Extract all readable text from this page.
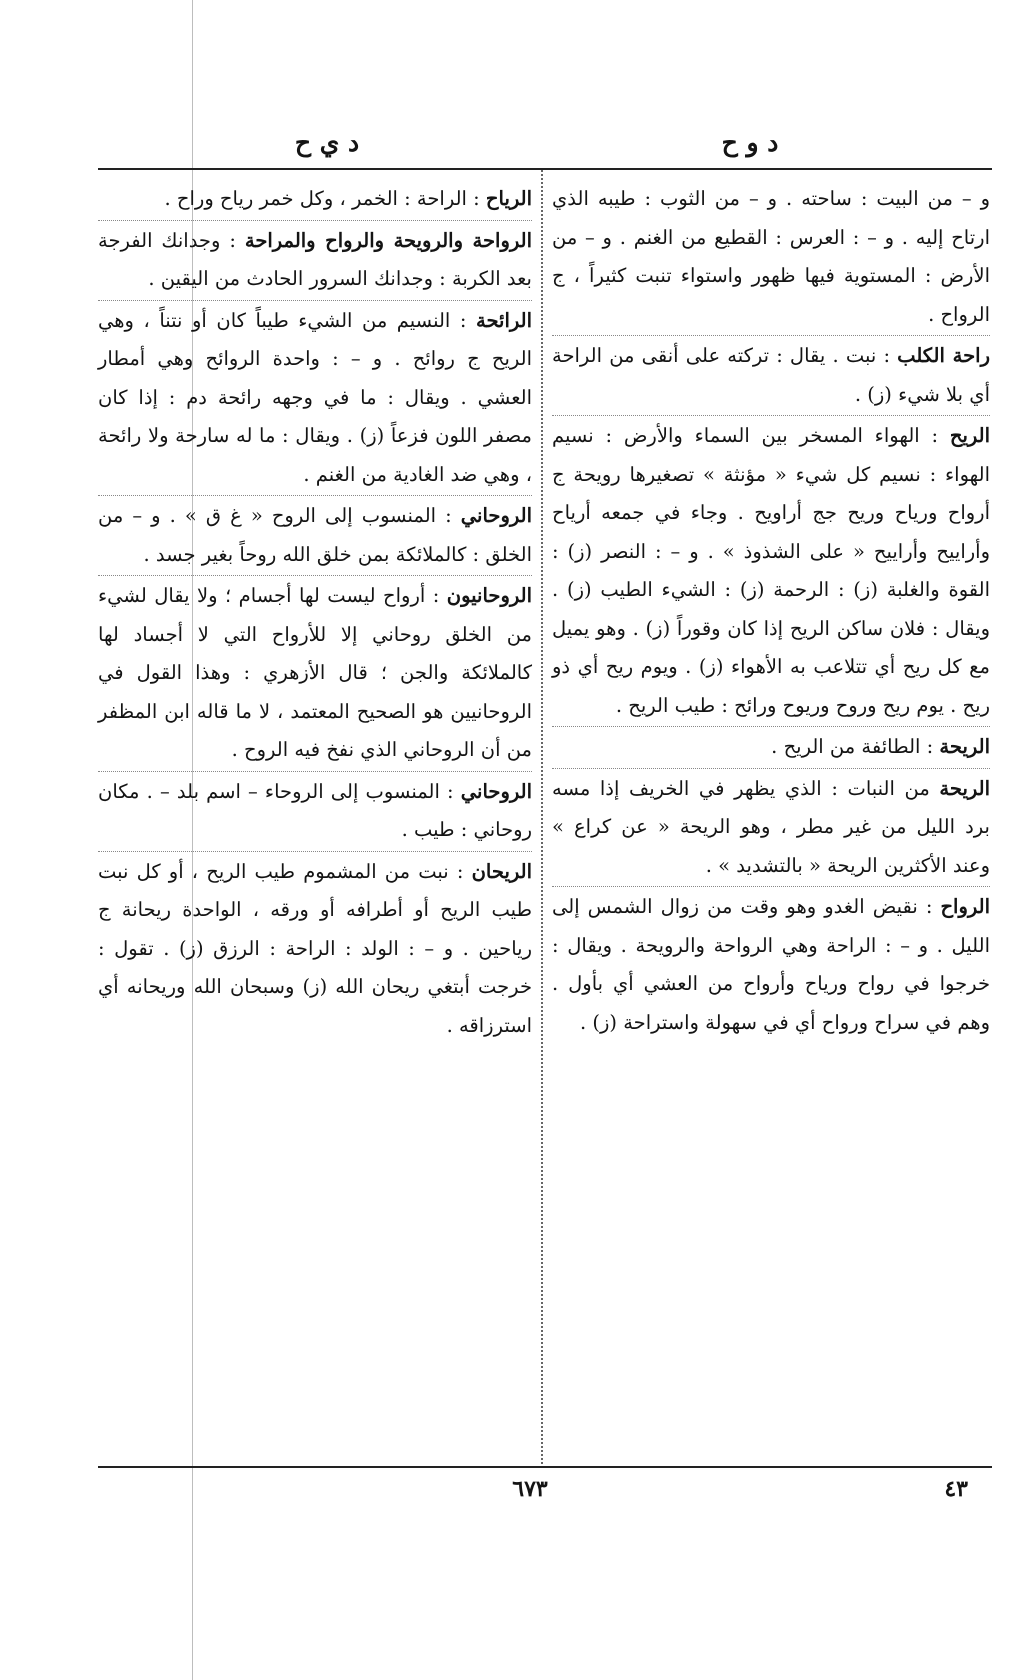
د و ح
د ي ح

و – من البيت : ساحته . و – من الثوب : طيبه الذي ارتاح إليه . و – : العرس : القطيع من الغنم . و – من الأرض : المستوية فيها ظهور واستواء تنبت كثيراً ، ج الرواح .

راحة الكلب : نبت . يقال : تركته على أنقى من الراحة أي بلا شيء (ز) .

الريح : الهواء المسخر بين السماء والأرض : نسيم الهواء : نسيم كل شيء « مؤنثة » تصغيرها رويحة ج أرواح ورياح وريح جج أراويح . وجاء في جمعه أرياح وأراييح وأراييح « على الشذوذ » . و – : النصر (ز) : القوة والغلبة (ز) : الرحمة (ز) : الشيء الطيب (ز) . ويقال : فلان ساكن الريح إذا كان وقوراً (ز) . وهو يميل مع كل ريح أي تتلاعب به الأهواء (ز) . ويوم ريح أي ذو ريح . يوم ريح وروح وريوح ورائح : طيب الريح .

الريحة : الطائفة من الريح .

الريحة من النبات : الذي يظهر في الخريف إذا مسه برد الليل من غير مطر ، وهو الريحة « عن كراع » وعند الأكثرين الريحة « بالتشديد » .

الرواح : نقيض الغدو وهو وقت من زوال الشمس إلى الليل . و – : الراحة وهي الرواحة والرويحة . ويقال : خرجوا في رواح ورياح وأرواح من العشي أي بأول . وهم في سراح ورواح أي في سهولة واستراحة (ز) .

الرياح : الراحة : الخمر ، وكل خمر رياح وراح .

الرواحة والرويحة والرواح والمراحة : وجدانك الفرجة بعد الكربة : وجدانك السرور الحادث من اليقين .

الرائحة : النسيم من الشيء طيباً كان أو نتناً ، وهي الريح ج روائح . و – : واحدة الروائح وهي أمطار العشي . ويقال : ما في وجهه رائحة دم : إذا كان مصفر اللون فزعاً (ز) . ويقال : ما له سارحة ولا رائحة ، وهي ضد الغادية من الغنم .

الروحاني : المنسوب إلى الروح « غ ق » . و – من الخلق : كالملائكة بمن خلق الله روحاً بغير جسد .

الروحانيون : أرواح ليست لها أجسام ؛ ولا يقال لشيء من الخلق روحاني إلا للأرواح التي لا أجساد لها كالملائكة والجن ؛ قال الأزهري : وهذا القول في الروحانيين هو الصحيح المعتمد ، لا ما قاله ابن المظفر من أن الروحاني الذي نفخ فيه الروح .

الروحاني : المنسوب إلى الروحاء – اسم بلد – . مكان روحاني : طيب .

الريحان : نبت من المشموم طيب الريح ، أو كل نبت طيب الريح أو أطرافه أو ورقه ، الواحدة ريحانة ج رياحين . و – : الولد : الراحة : الرزق (ز) . تقول : خرجت أبتغي ريحان الله (ز) وسبحان الله وريحانه أي استرزاقه .

٦٧٣	٤٣
